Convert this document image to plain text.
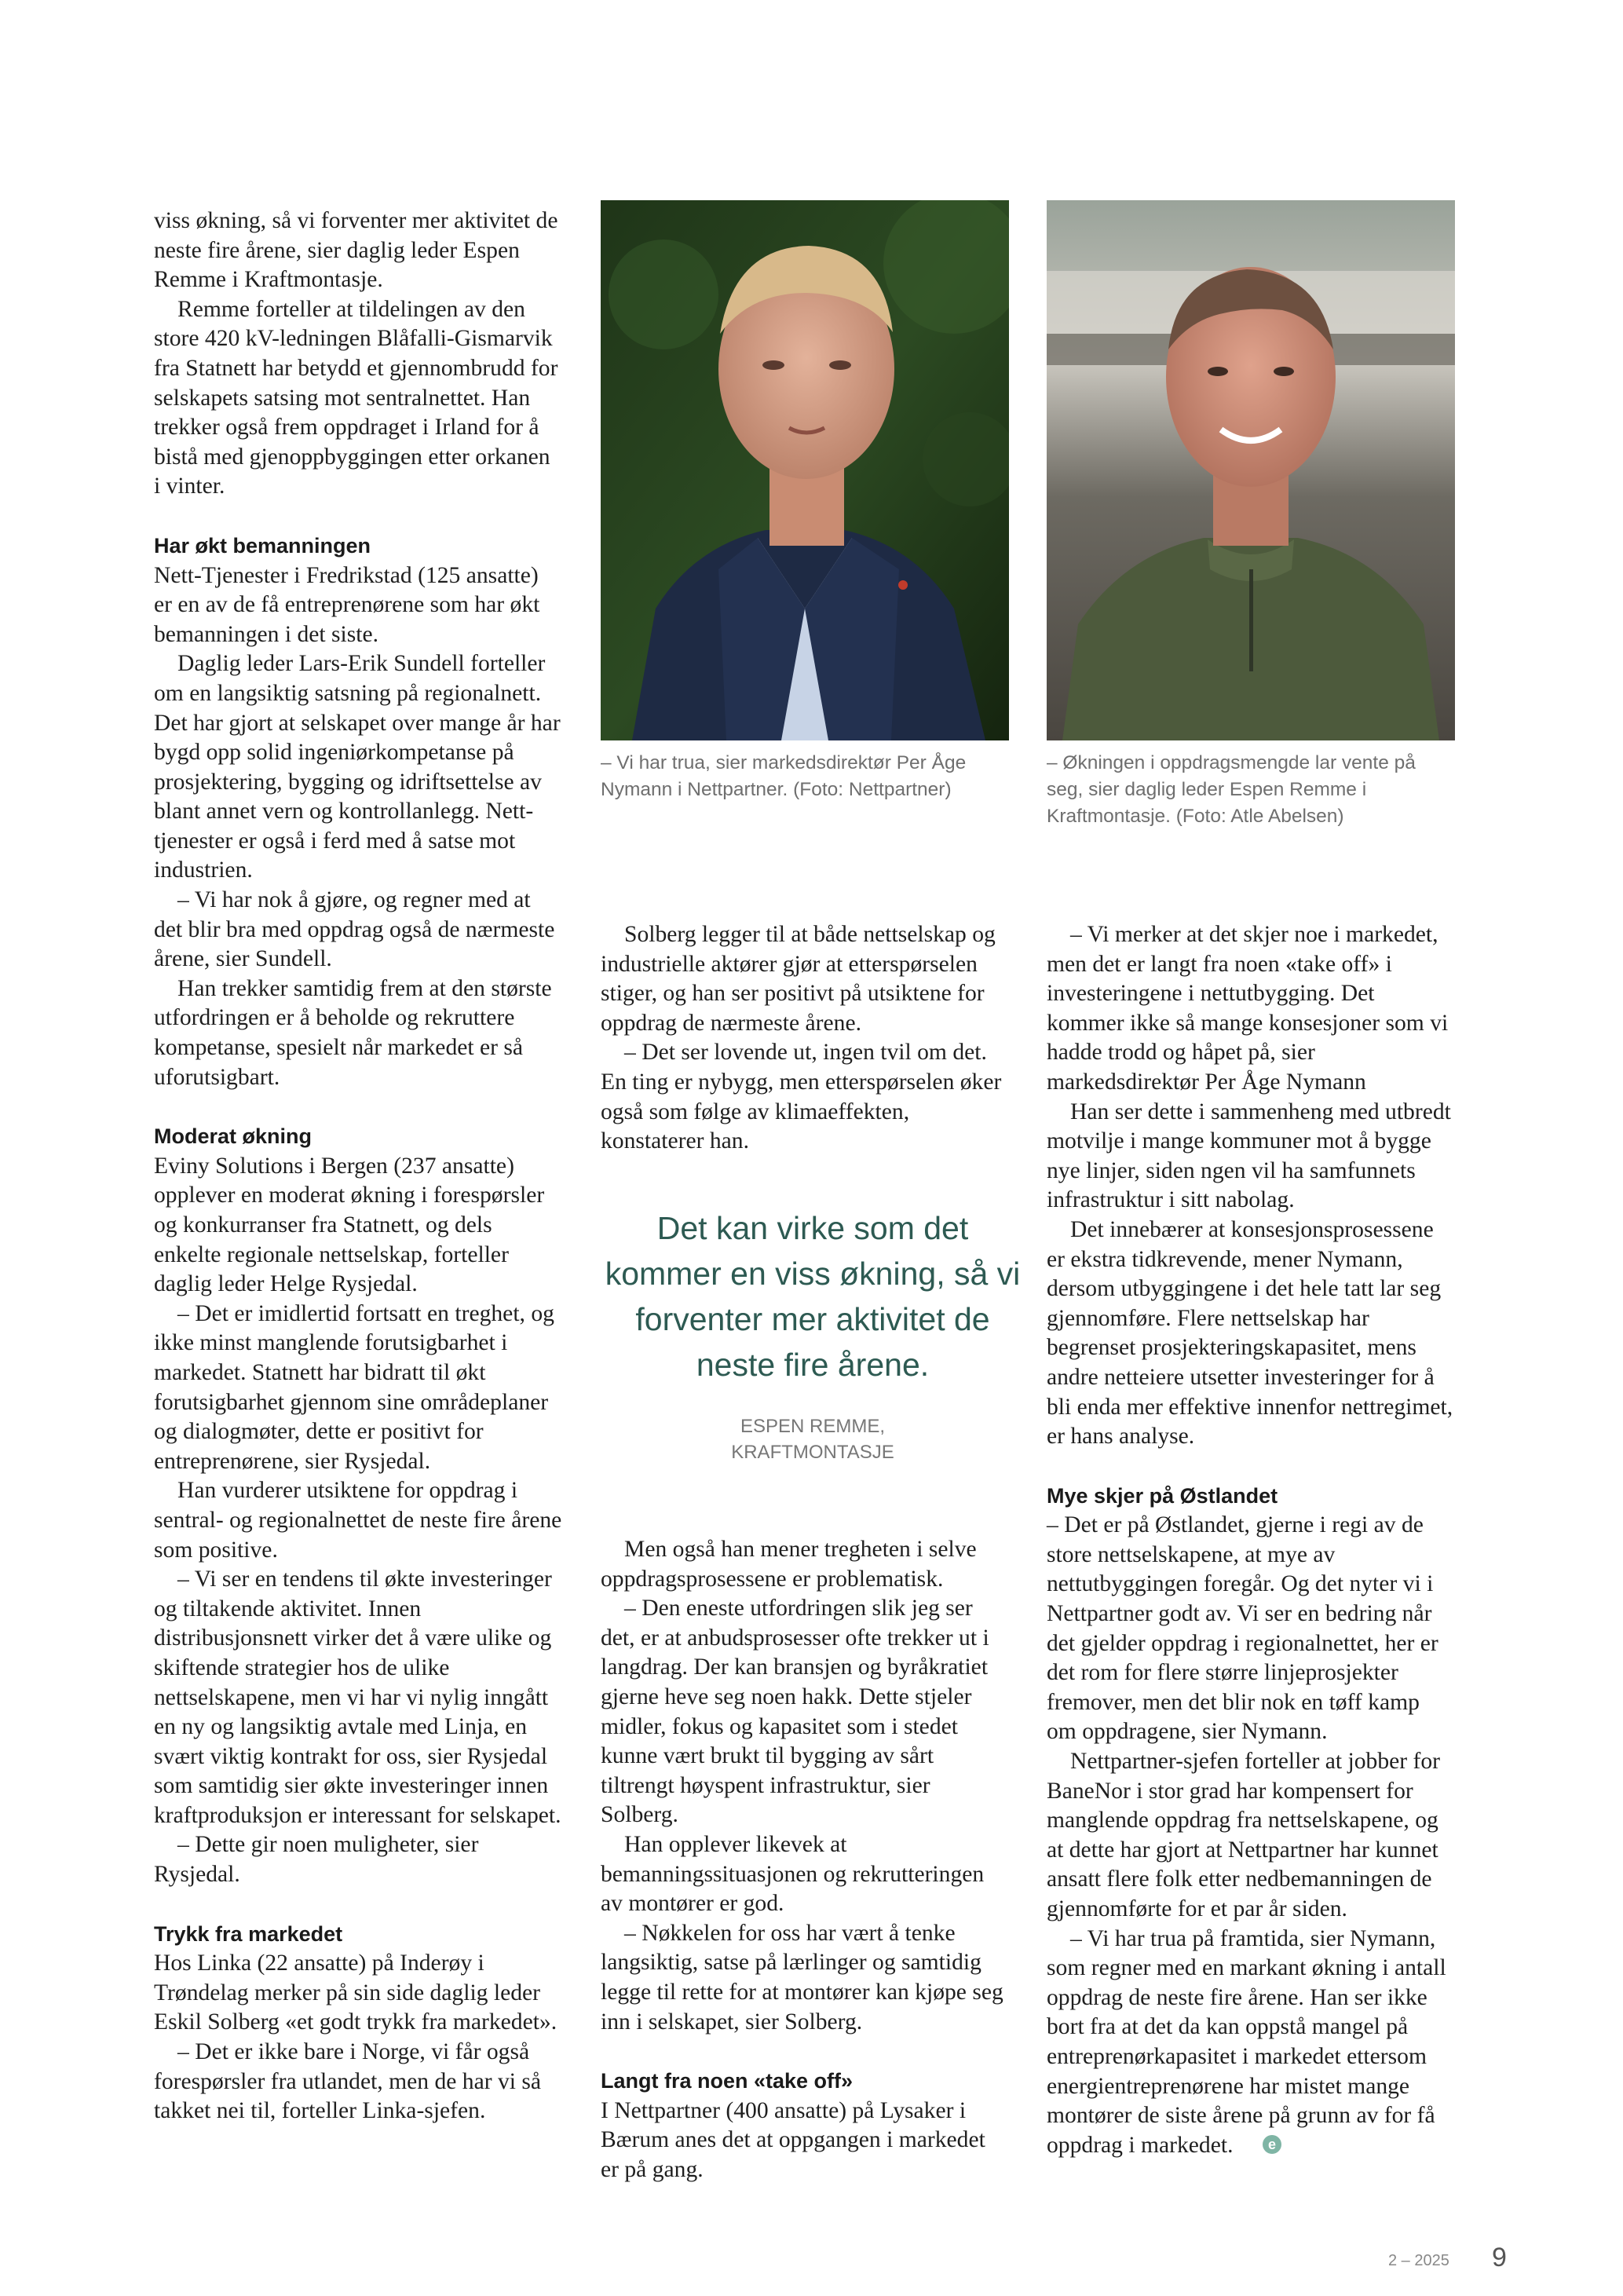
– Vi har trua, sier markedsdirektør Per Åge Nymann i Nettpartner. (Foto: Nettpartner)
– Økningen i oppdragsmengde lar vente på seg, sier daglig leder Espen Remme i Kraftmontasje. (Foto: Atle Abelsen)

viss økning, så vi forventer mer aktivitet de neste fire årene, sier daglig leder Espen Remme i Kraftmontasje.

Remme forteller at tildelingen av den store 420 kV-ledningen Blåfalli-Gismarvik fra Statnett har betydd et gjennombrudd for selskapets satsing mot sentralnettet. Han trekker også frem oppdraget i Irland for å bistå med gjenoppbyggingen etter orkanen i vinter.

Har økt bemanningen

Nett-Tjenester i Fredrikstad (125 ansatte) er en av de få entreprenørene som har økt bemanningen i det siste.

Daglig leder Lars-Erik Sundell forteller om en langsiktig satsning på regionalnett. Det har gjort at selskapet over mange år har bygd opp solid ingeniørkompetanse på prosjektering, bygging og idriftsettelse av blant annet vern og kontrollanlegg. Nett-tjenester er også i ferd med å satse mot industrien.

– Vi har nok å gjøre, og regner med at det blir bra med oppdrag også de nærmeste årene, sier Sundell.

Han trekker samtidig frem at den største utfordringen er å beholde og rekruttere kompetanse, spesielt når markedet er så uforutsigbart.

Moderat økning

Eviny Solutions i Bergen (237 ansatte) opplever en moderat økning i forespørsler og konkurranser fra Statnett, og dels enkelte regionale nettselskap, forteller daglig leder Helge Rysjedal.

– Det er imidlertid fortsatt en treghet, og ikke minst manglende forutsigbarhet i markedet. Statnett har bidratt til økt forutsigbarhet gjennom sine områdeplaner og dialogmøter, dette er positivt for entreprenørene, sier Rysjedal.

Han vurderer utsiktene for oppdrag i sentral- og regionalnettet de neste fire årene som positive.

– Vi ser en tendens til økte investeringer og tiltakende aktivitet. Innen distribusjonsnett virker det å være ulike og skiftende strategier hos de ulike nettselskapene, men vi har vi nylig inngått en ny og langsiktig avtale med Linja, en svært viktig kontrakt for oss, sier Rysjedal som samtidig sier økte investeringer innen kraftproduksjon er interessant for selskapet.

– Dette gir noen muligheter, sier Rysjedal.

Trykk fra markedet

Hos Linka (22 ansatte) på Inderøy i Trøndelag merker på sin side daglig leder Eskil Solberg «et godt trykk fra markedet».

– Det er ikke bare i Norge, vi får også forespørsler fra utlandet, men de har vi så takket nei til, forteller Linka-sjefen.

Solberg legger til at både nettselskap og industrielle aktører gjør at etterspørselen stiger, og han ser positivt på utsiktene for oppdrag de nærmeste årene.

– Det ser lovende ut, ingen tvil om det. En ting er nybygg, men etterspørselen øker også som følge av klimaeffekten, konstaterer han.

Det kan virke som det kommer en viss økning, så vi forventer mer aktivitet de neste fire årene.
ESPEN REMME,
KRAFTMONTASJE

Men også han mener tregheten i selve oppdragsprosessene er problematisk.

– Den eneste utfordringen slik jeg ser det, er at anbudsprosesser ofte trekker ut i langdrag. Der kan bransjen og byråkratiet gjerne heve seg noen hakk. Dette stjeler midler, fokus og kapasitet som i stedet kunne vært brukt til bygging av sårt tiltrengt høyspent infrastruktur, sier Solberg.

Han opplever likevek at bemanningssituasjonen og rekrutteringen av montører er god.

– Nøkkelen for oss har vært å tenke langsiktig, satse på lærlinger og samtidig legge til rette for at montører kan kjøpe seg inn i selskapet, sier Solberg.

Langt fra noen «take off»

I Nettpartner (400 ansatte) på Lysaker i Bærum anes det at oppgangen i markedet er på gang.

– Vi merker at det skjer noe i markedet, men det er langt fra noen «take off» i investeringene i nettutbygging. Det kommer ikke så mange konsesjoner som vi hadde trodd og håpet på, sier markedsdirektør Per Åge Nymann

Han ser dette i sammenheng med utbredt motvilje i mange kommuner mot å bygge nye linjer, siden ngen vil ha samfunnets infrastruktur i sitt nabolag.

Det innebærer at konsesjonsprosessene er ekstra tidkrevende, mener Nymann, dersom utbyggingene i det hele tatt lar seg gjennomføre. Flere nettselskap har begrenset prosjekteringskapasitet, mens andre netteiere utsetter investeringer for å bli enda mer effektive innenfor nettregimet, er hans analyse.

Mye skjer på Østlandet

– Det er på Østlandet, gjerne i regi av de store nettselskapene, at mye av nettutbyggingen foregår. Og det nyter vi i Nettpartner godt av. Vi ser en bedring når det gjelder oppdrag i regionalnettet, her er det rom for flere større linjeprosjekter fremover, men det blir nok en tøff kamp om oppdragene, sier Nymann.

Nettpartner-sjefen forteller at jobber for BaneNor i stor grad har kompensert for manglende oppdrag fra nettselskapene, og at dette har gjort at Nettpartner har kunnet ansatt flere folk etter nedbemanningen de gjennomførte for et par år siden.

– Vi har trua på framtida, sier Nymann, som regner med en markant økning i antall oppdrag de neste fire årene. Han ser ikke bort fra at det da kan oppstå mangel på entreprenørkapasitet i markedet ettersom energientreprenørene har mistet mange montører de siste årene på grunn av for få oppdrag i markedet. e

2 – 2025 9
